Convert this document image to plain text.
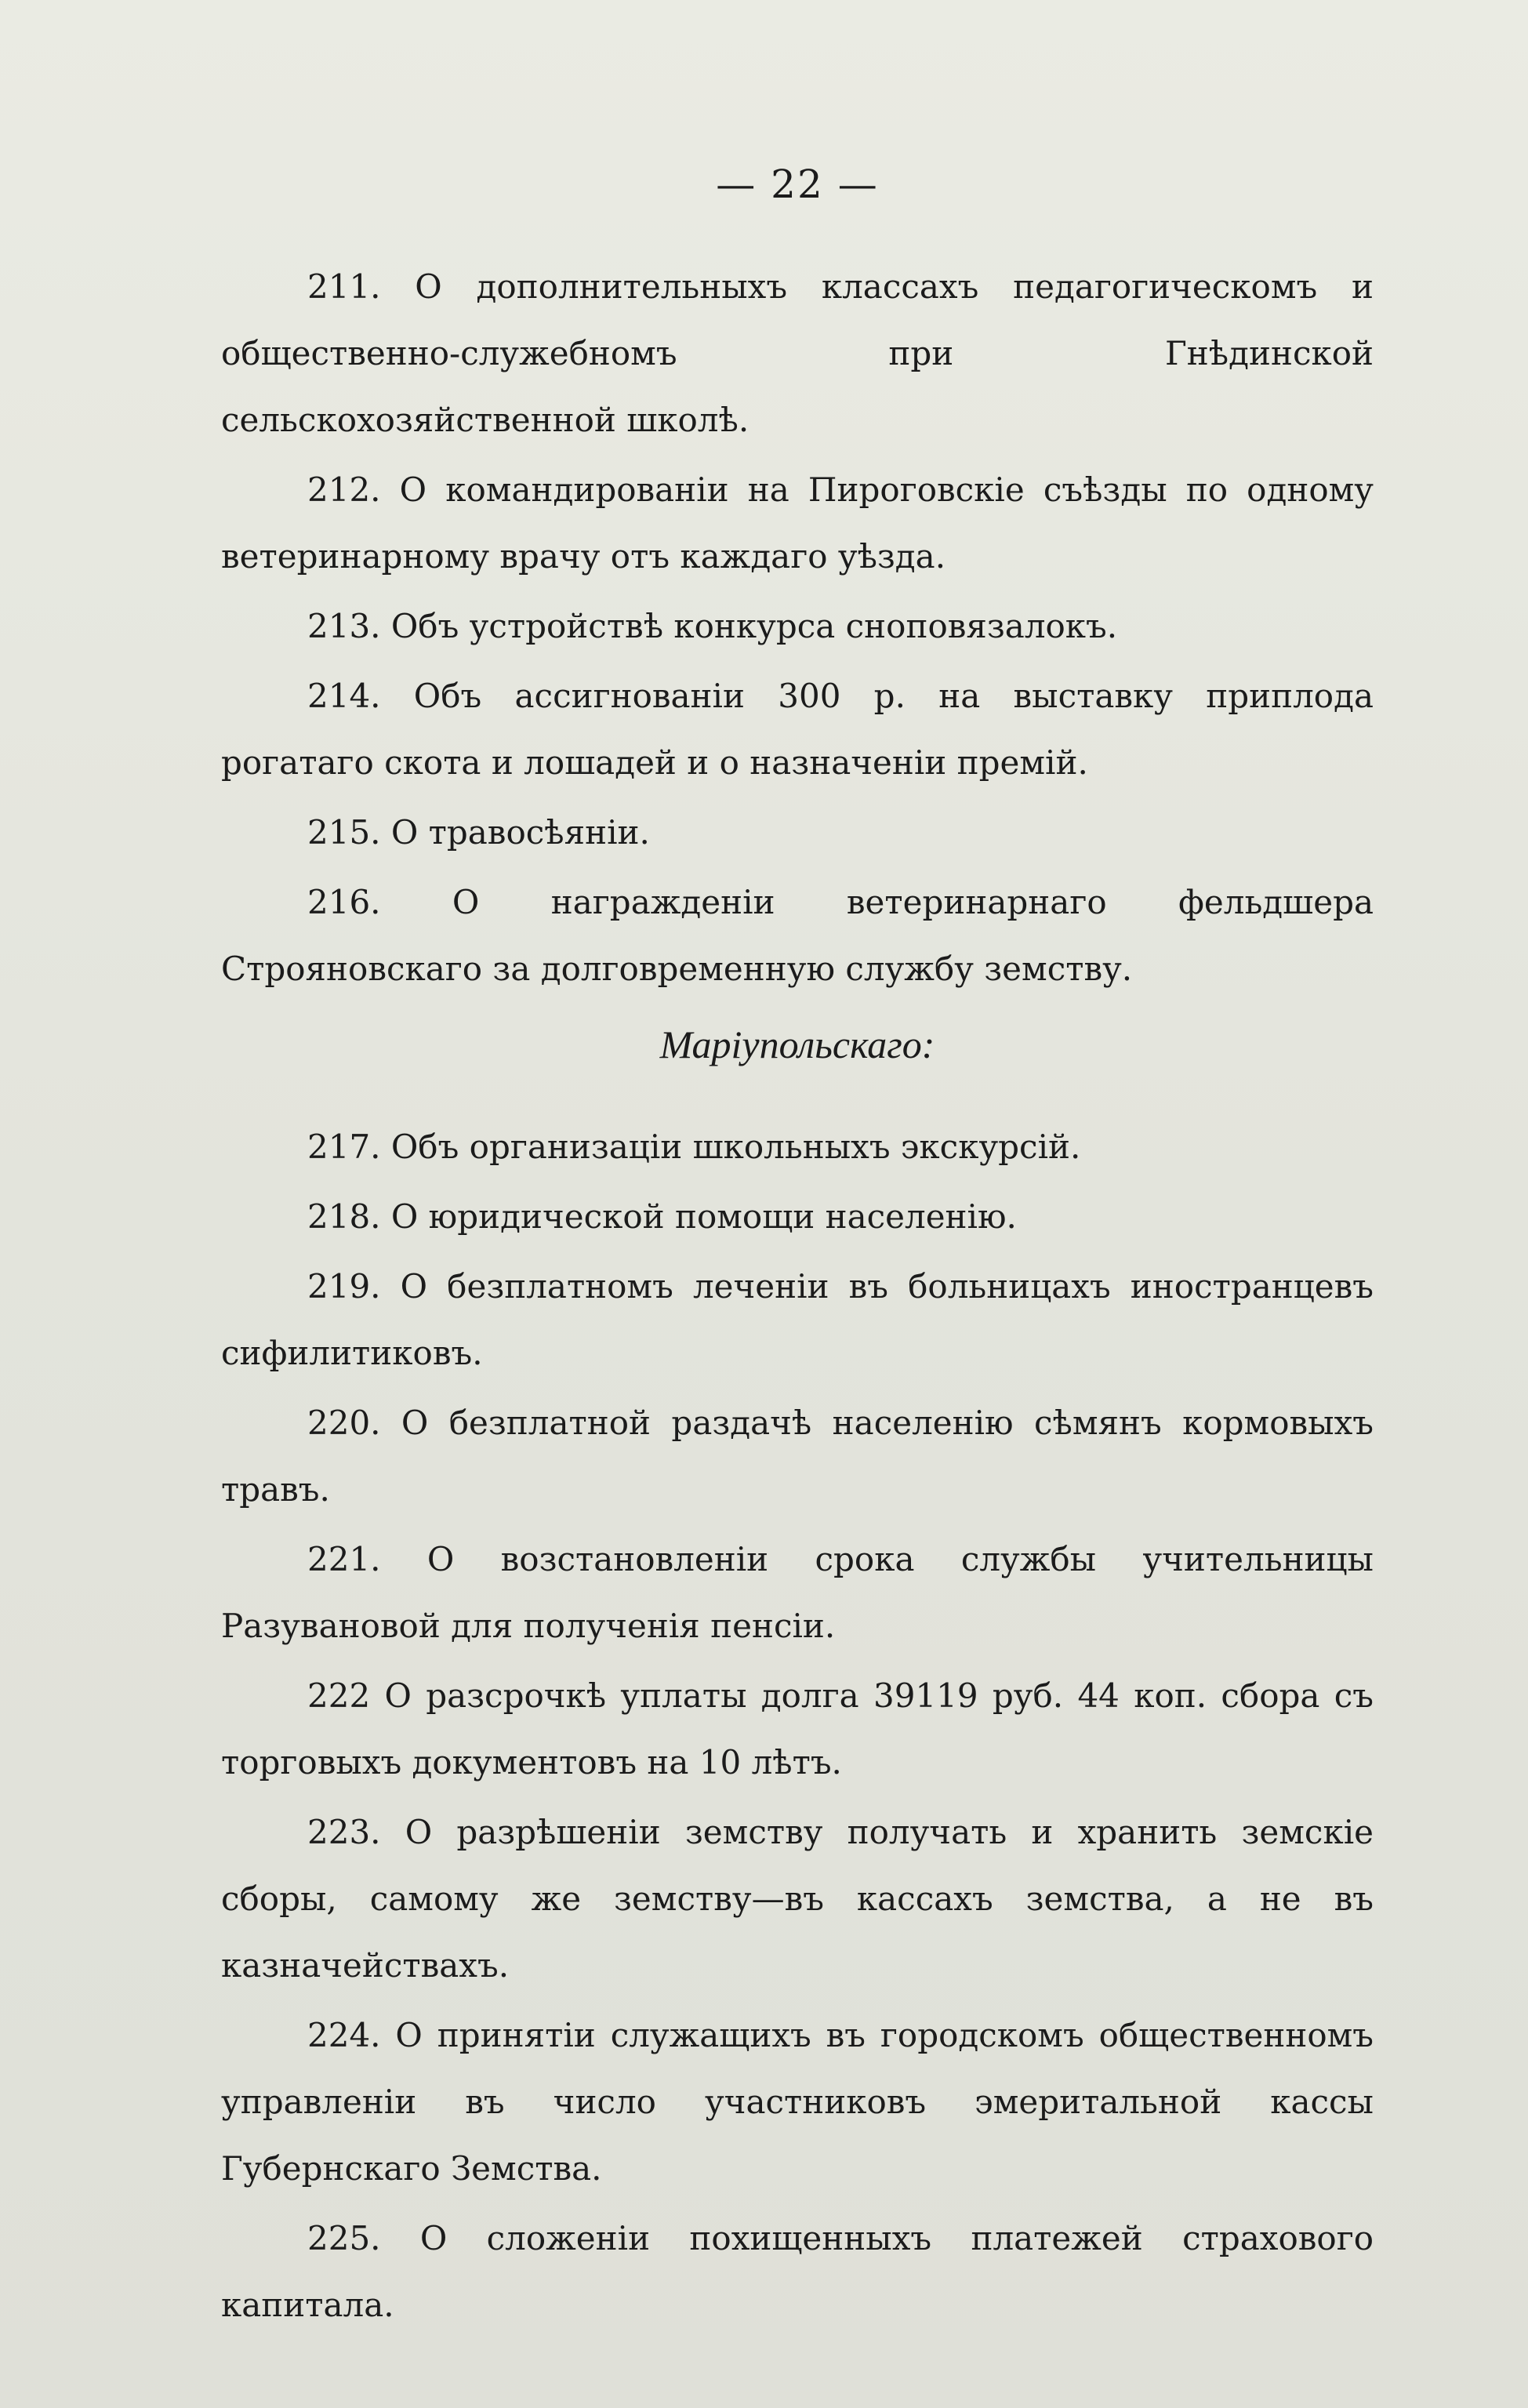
— 22 —

211. О дополнительныхъ классахъ педагогическомъ и общественно-служебномъ при Гнѣдинской сельскохозяйственной школѣ.

212. О командированіи на Пироговскіе съѣзды по одному ветеринарному врачу отъ каждаго уѣзда.

213. Объ устройствѣ конкурса снопoвязалокъ.

214. Объ ассигнованіи 300 р. на выставку приплода рогатаго скота и лошадей и о назначеніи премій.

215. О травосѣяніи.

216. О награжденіи ветеринарнаго фельдшера Строяновскаго за долговременную службу земству.

Маріупольскаго:

217. Объ организаціи школьныхъ экскурсій.

218. О юридической помощи населенію.

219. О безплатномъ леченіи въ больницахъ иностранцевъ сифилитиковъ.

220. О безплатной раздачѣ населенію сѣмянъ кормовыхъ травъ.

221. О возстановленіи срока службы учительницы Разувановой для полученія пенсіи.

222 О разсрочкѣ уплаты долга 39119 руб. 44 коп. сбора съ торговыхъ документовъ на 10 лѣтъ.

223. О разрѣшеніи земству получать и хранить земскіе сборы, самому же земству—въ кассахъ земства, а не въ казначействахъ.

224. О принятіи служащихъ въ городскомъ общественномъ управленіи въ число участниковъ эмеритальной кассы Губернскаго Земства.

225. О сложеніи похищенныхъ платежей страхового капитала.
